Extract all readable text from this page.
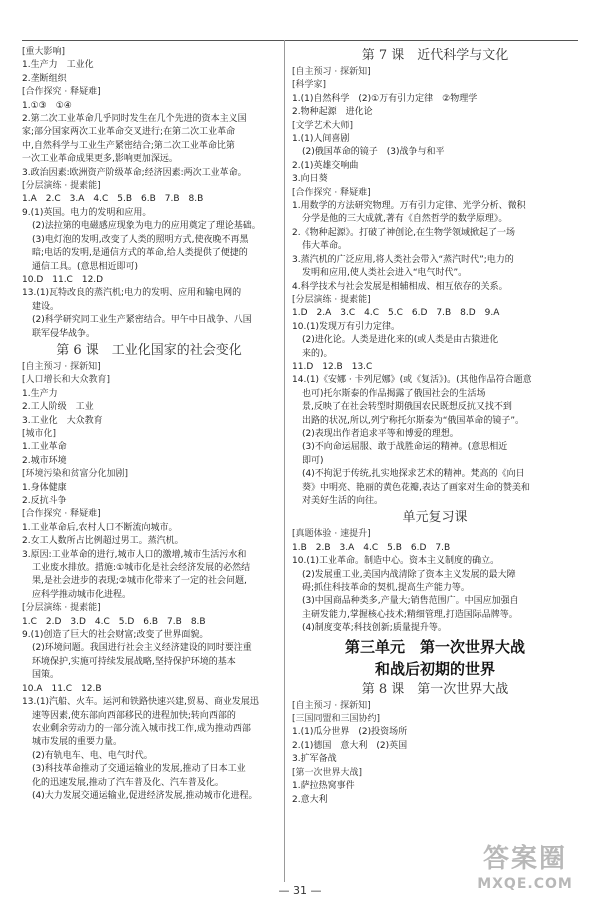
[重大影响]
1.生产力　工业化
2.垄断组织
[合作探究 · 释疑难]
1.①③　①④
2.第二次工业革命几乎同时发生在几个先进的资本主义国
家;部分国家两次工业革命交叉进行;在第二次工业革命
中,自然科学与工业生产紧密结合;第二次工业革命比第
一次工业革命成果更多,影响更加深远。
3.政治因素:欧洲资产阶级革命;经济因素:两次工业革命。
[分层演练 · 提素能]
1.A　2.C　3.A　4.C　5.B　6.B　7.B　8.B
9.(1)英国。电力的发明和应用。
(2)法拉第的电磁感应现象为电力的应用奠定了理论基础。
(3)电灯泡的发明,改变了人类的照明方式,使夜晚不再黑
暗;电话的发明,是通信方式的革命,给人类提供了便捷的
通信工具。(意思相近即可)
10.D　11.C　12.D
13.(1)瓦特改良的蒸汽机;电力的发明、应用和输电网的
建设。
(2)科学研究同工业生产紧密结合。甲午中日战争、八国
联军侵华战争。
第 6 课　工业化国家的社会变化
[自主预习 · 探新知]
[人口增长和大众教育]
1.生产力
2.工人阶级　工业
3.工业化　大众教育
[城市化]
1.工业革命
2.城市环境
[环境污染和贫富分化加剧]
1.身体健康
2.反抗斗争
[合作探究 · 释疑难]
1.工业革命后,农村人口不断流向城市。
2.女工人数所占比例超过男工。蒸汽机。
3.原因:工业革命的进行,城市人口的激增,城市生活污水和
工业废水排放。措施:①城市化是社会经济发展的必然结
果,是社会进步的表现;②城市化带来了一定的社会问题,
应科学推动城市化进程。
[分层演练 · 提素能]
1.C　2.D　3.D　4.C　5.D　6.B　7.B　8.B
9.(1)创造了巨大的社会财富;改变了世界面貌。
(2)环境问题。我国进行社会主义经济建设的同时要注重
环境保护,实施可持续发展战略,坚持保护环境的基本
国策。
10.A　11.C　12.B
13.(1)汽船、火车。运河和铁路快速兴建,贸易、商业发展迅
速等因素,使东部向西部移民的进程加快;转向西部的
农业剩余劳动力的一部分流入城市找工作,成为推动西部
城市发展的重要力量。
(2)有轨电车、电、电气时代。
(3)科技革命推动了交通运输业的发展,推动了日本工业
化的迅速发展,推动了汽车普及化、汽车普及化。
(4)大力发展交通运输业,促进经济发展,推动城市化进程。
第 7 课　近代科学与文化
[自主预习 · 探新知]
[科学家]
1.(1)自然科学　(2)①万有引力定律　②物理学
2.物种起源　进化论
[文学艺术大师]
1.(1)人间喜剧
(2)俄国革命的镜子　(3)战争与和平
2.(1)英雄交响曲
3.向日葵
[合作探究 · 释疑难]
1.用数学的方法研究物理。万有引力定律、光学分析、微积
分学是他的三大成就,著有《自然哲学的数学原理》。
2.《物种起源》。打破了神创论,在生物学领域掀起了一场
伟大革命。
3.蒸汽机的广泛应用,将人类社会带入“蒸汽时代”;电力的
发明和应用,使人类社会进入“电气时代”。
4.科学技术与社会发展是相辅相成、相互依存的关系。
[分层演练 · 提素能]
1.D　2.A　3.C　4.C　5.C　6.D　7.B　8.D　9.A
10.(1)发现万有引力定律。
(2)进化论。人类是进化来的(或人类是由古猿进化
来的)。
11.D　12.B　13.C
14.(1)《安娜 · 卡列尼娜》(或《复活》)。(其他作品符合题意
也可)托尔斯泰的作品揭露了俄国社会的生活场
景,反映了在社会转型时期俄国农民既想反抗又找不到
出路的状况,所以,列宁称托尔斯泰为“俄国革命的镜子”。
(2)表现出作者追求平等和博爱的理想。
(3)不向命运屈服、敢于战胜命运的精神。(意思相近
即可)
(4)不拘泥于传统,扎实地探求艺术的精神。梵高的《向日
葵》中明亮、艳丽的黄色花瓣,表达了画家对生命的赞美和
对美好生活的向往。
单元复习课
[真题体验 · 速提升]
1.B　2.B　3.A　4.C　5.B　6.D　7.B
10.(1)工业革命。制造中心。资本主义制度的确立。
(2)发展重工业,美国内战清除了资本主义发展的最大障
碍;抓住科技革命的契机,提高生产能力等。
(3)中国商品种类多,产量大;销售范围广。中国应加强自
主研发能力,掌握核心技术;精细管理,打造国际品牌等。
(4)制度变革;科技创新;质量提升等。
第三单元　第一次世界大战
和战后初期的世界
第 8 课　第一次世界大战
[自主预习 · 探新知]
[三国同盟和三国协约]
1.(1)瓜分世界　(2)投资场所
2.(1)德国　意大利　(2)英国
3.扩军备战
[第一次世界大战]
1.萨拉热窝事件
2.意大利
— 31 —
答案圈
MXQE.COM
